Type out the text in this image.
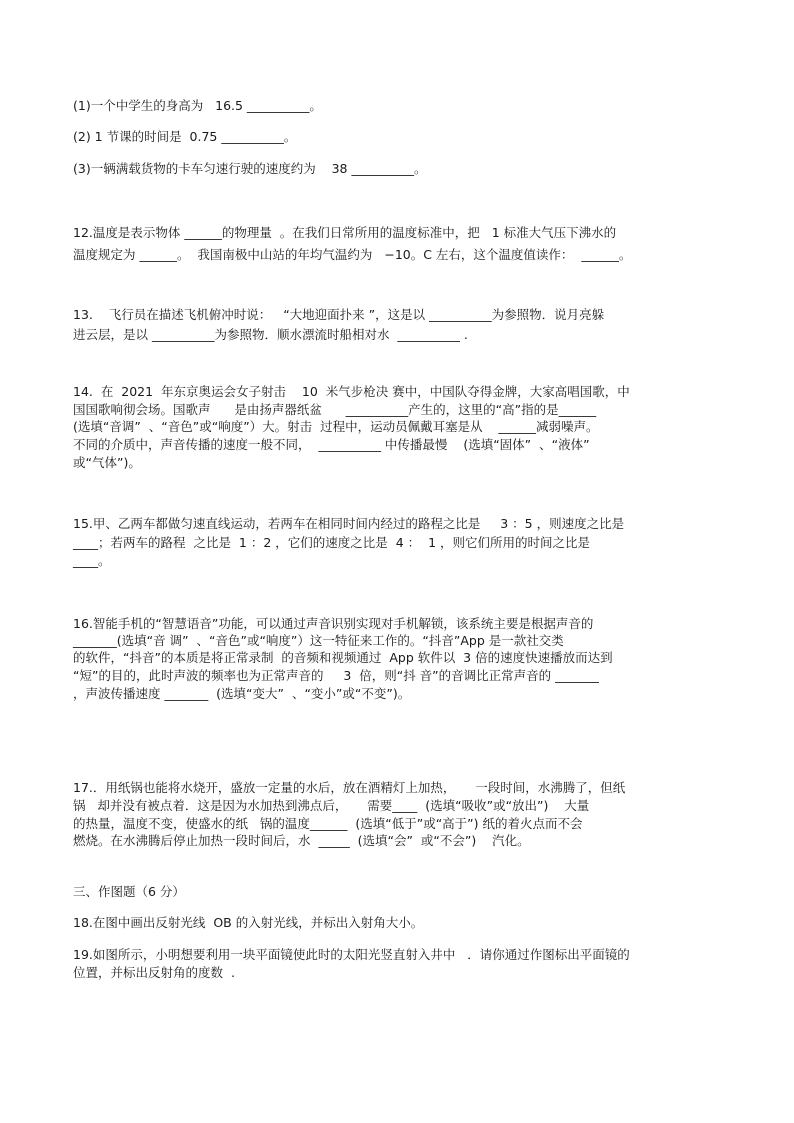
(1)一个中学生的身高为   16.5 __________。
(2) 1 节课的时间是  0.75 __________。
(3)一辆满载货物的卡车匀速行驶的速度约为    38 __________。
12.温度是表示物体 ______的物理量  。在我们日常所用的温度标准中，把   1 标准大气压下沸水的
温度规定为 ______。  我国南极中山站的年均气温约为   −10。C 左右，这个温度值读作：  ______。
13.    飞行员在描述飞机俯冲时说：   “大地迎面扑来 ”，这是以 __________为参照物．说月亮躲
进云层，是以 __________为参照物．顺水漂流时船相对水  __________ .
14.  在  2021  年东京奥运会女子射击    10  米气步枪决 赛中，中国队夺得金牌，大家高唱国歌，中
国国歌响彻会场。国歌声      是由扬声器纸盆      __________产生的，这里的“高”指的是______
(选填“音调”  、“音色”或“响度”）大。射击  过程中，运动员佩戴耳塞是从    ______减弱噪声。
不同的介质中，声音传播的速度一般不同，  __________ 中传播最慢    (选填“固体”  、“液体”
或“气体”)。
15.甲、乙两车都做匀速直线运动，若两车在相同时间内经过的路程之比是     3 ：5 ，则速度之比是
____；若两车的路程  之比是  1 ：2 ，它们的速度之比是  4 ：  1 ，则它们所用的时间之比是
____。
16.智能手机的“智慧语音”功能，可以通过声音识别实现对手机解锁，该系统主要是根据声音的
_______(选填“音 调”  、“音色”或“响度”）这一特征来工作的。“抖音”App 是一款社交类
的软件，“抖音”的本质是将正常录制  的音频和视频通过  App 软件以  3 倍的速度快速播放而达到
“短”的目的，此时声波的频率也为正常声音的     3  倍，则“抖 音”的音调比正常声音的 _______
，声波传播速度 _______  (选填“变大”  、“变小”或“不变”)。
17.．用纸锅也能将水烧开，盛放一定量的水后，放在酒精灯上加热，     一段时间，水沸腾了，但纸
锅   却并没有被点着．这是因为水加热到沸点后，     需要____  (选填“吸收”或“放出”)    大量
的热量，温度不变，使盛水的纸   锅的温度______  (选填“低于”或“高于”) 纸的着火点而不会
燃烧。在水沸腾后停止加热一段时间后，水  _____  (选填“会”  或“不会”)    汽化。
三、作图题（6 分）
18.在图中画出反射光线  OB 的入射光线，并标出入射角大小。
19.如图所示，小明想要利用一块平面镜使此时的太阳光竖直射入井中   ．请你通过作图标出平面镜的
位置，并标出反射角的度数  .
